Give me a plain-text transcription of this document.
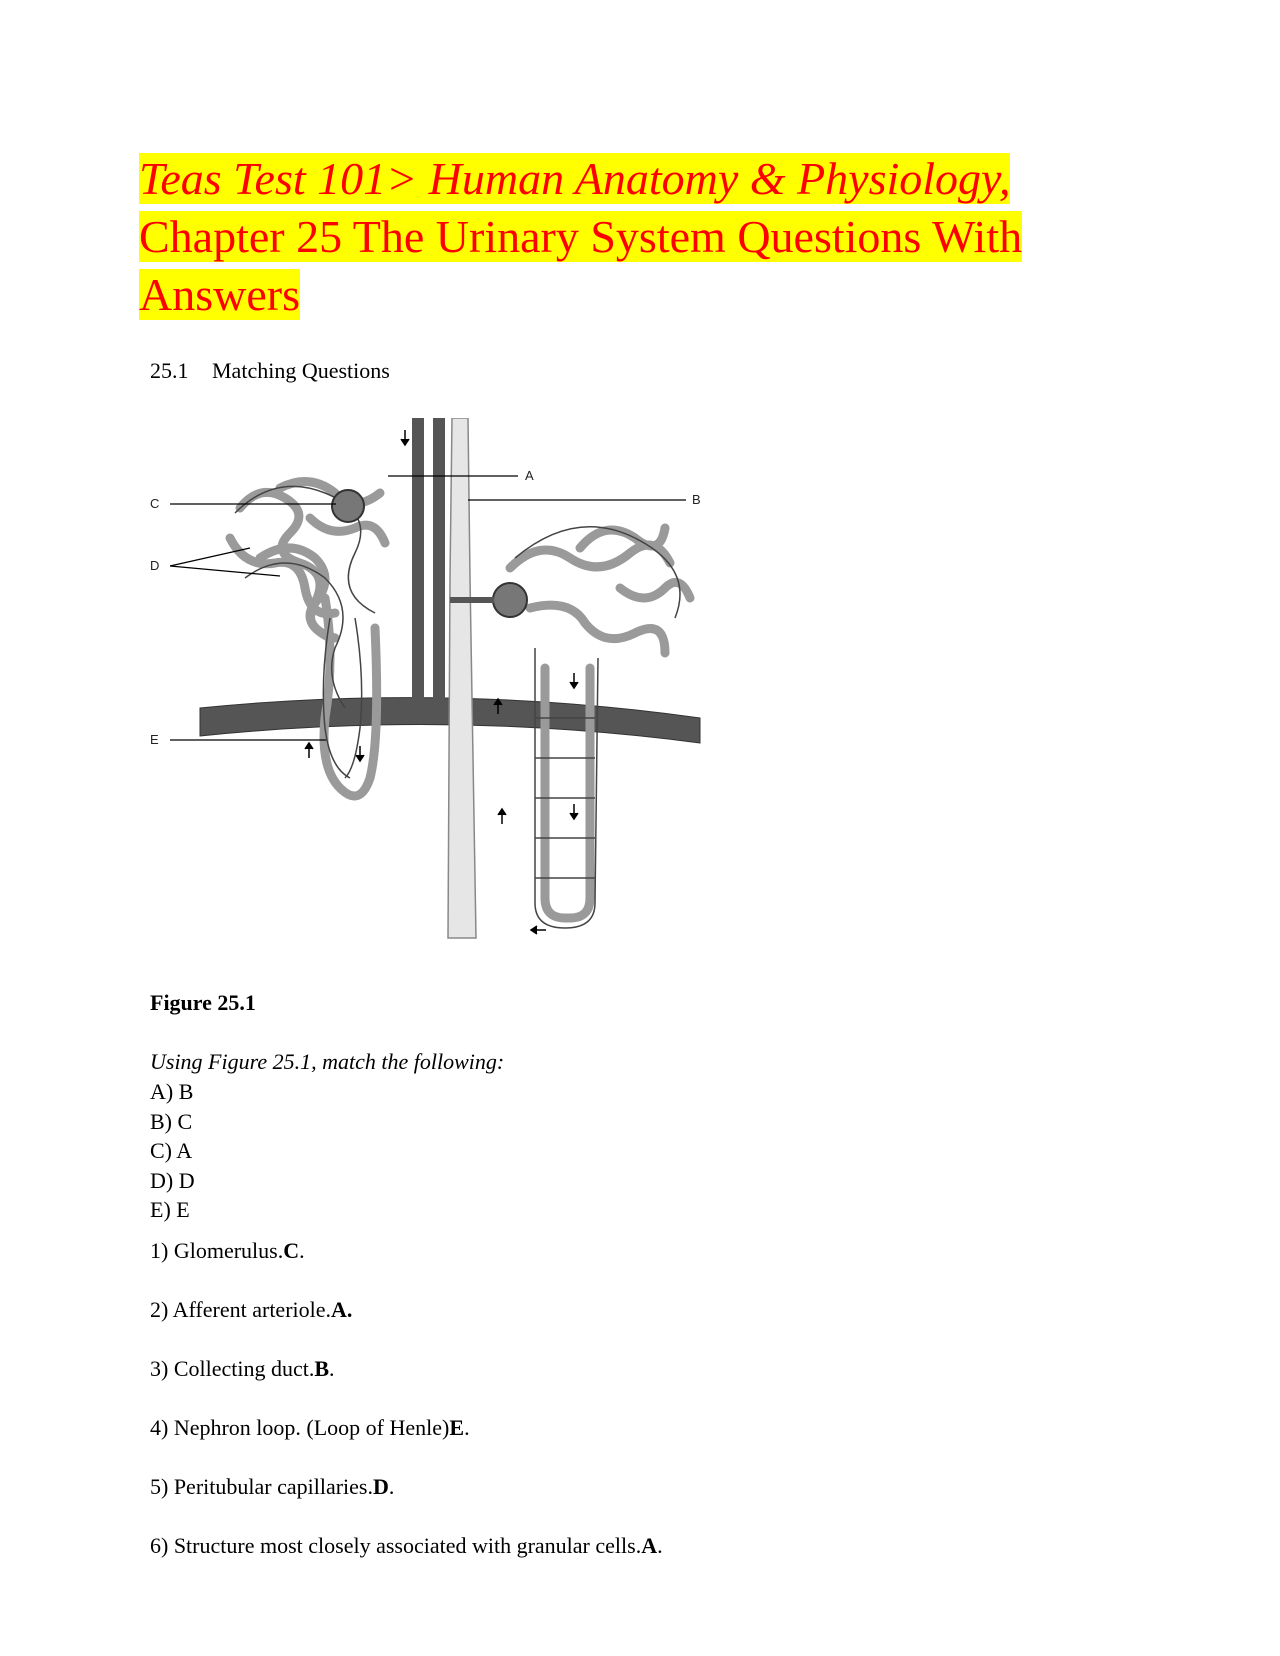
Teas Test 101> Human Anatomy & Physiology,
Chapter 25 The Urinary System Questions With
Answers
25.1 Matching Questions
A
B
C
D
E
Figure 25.1
Using Figure 25.1, match the following:
A) B
B) C
C) A
D) D
E) E
1) Glomerulus.C.
2) Afferent arteriole.A.
3) Collecting duct.B.
4) Nephron loop. (Loop of Henle)E.
5) Peritubular capillaries.D.
6) Structure most closely associated with granular cells.A.
